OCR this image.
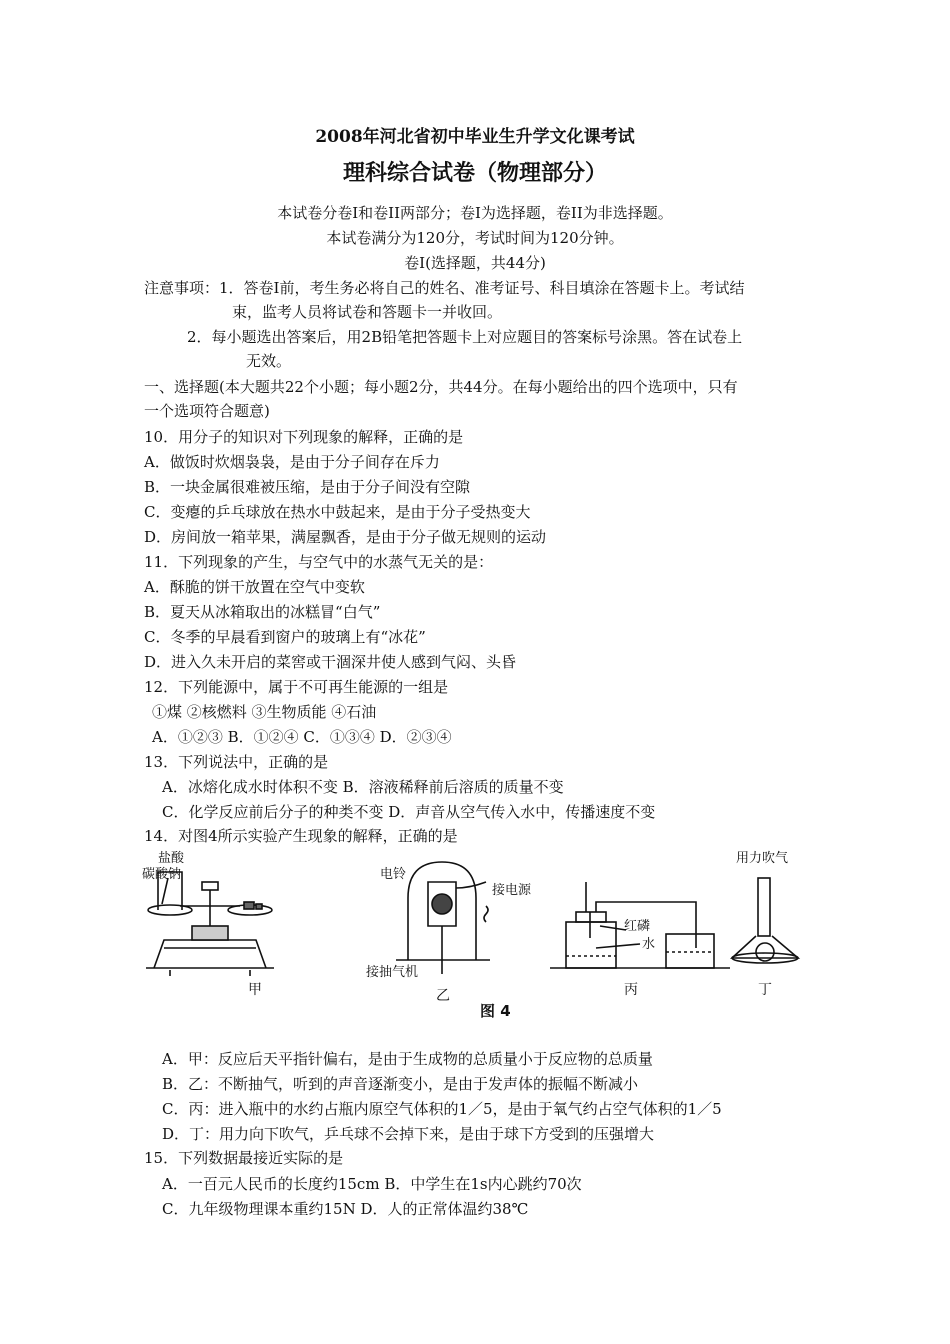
2008年河北省初中毕业生升学文化课考试
理科综合试卷（物理部分）
本试卷分卷I和卷II两部分；卷I为选择题，卷II为非选择题。
本试卷满分为120分，考试时间为120分钟。
卷I(选择题，共44分)
注意事项：1．答卷I前，考生务必将自己的姓名、准考证号、科目填涂在答题卡上。考试结
束，监考人员将试卷和答题卡一并收回。
2．每小题选出答案后，用2B铅笔把答题卡上对应题目的答案标号涂黑。答在试卷上
无效。
一、选择题(本大题共22个小题；每小题2分，共44分。在每小题给出的四个选项中，只有
一个选项符合题意)
10．用分子的知识对下列现象的解释，正确的是
A．做饭时炊烟袅袅，是由于分子间存在斥力
B．一块金属很难被压缩，是由于分子间没有空隙
C．变瘪的乒乓球放在热水中鼓起来，是由于分子受热变大
D．房间放一箱苹果，满屋飘香，是由于分子做无规则的运动
11．下列现象的产生，与空气中的水蒸气无关的是：
A．酥脆的饼干放置在空气中变软
B．夏天从冰箱取出的冰糕冒“白气”
C．冬季的早晨看到窗户的玻璃上有“冰花”
D．进入久未开启的菜窖或干涸深井使人感到气闷、头昏
12．下列能源中，属于不可再生能源的一组是
①煤 ②核燃料 ③生物质能 ④石油
A．①②③ B．①②④ C．①③④ D．②③④
13．下列说法中，正确的是
A．冰熔化成水时体积不变 B．溶液稀释前后溶质的质量不变
C．化学反应前后分子的种类不变 D．声音从空气传入水中，传播速度不变
14．对图4所示实验产生现象的解释，正确的是
盐酸
碳酸钠
甲
电铃
接电源
接抽气机
乙
红磷
水
丙
用力吹气
丁
图 4
A．甲：反应后天平指针偏右，是由于生成物的总质量小于反应物的总质量
B．乙：不断抽气，听到的声音逐渐变小，是由于发声体的振幅不断减小
C．丙：进入瓶中的水约占瓶内原空气体积的1／5，是由于氧气约占空气体积的1／5
D．丁：用力向下吹气，乒乓球不会掉下来，是由于球下方受到的压强增大
15．下列数据最接近实际的是
A．一百元人民币的长度约15cm B．中学生在1s内心跳约70次
C．九年级物理课本重约15N D．人的正常体温约38℃
